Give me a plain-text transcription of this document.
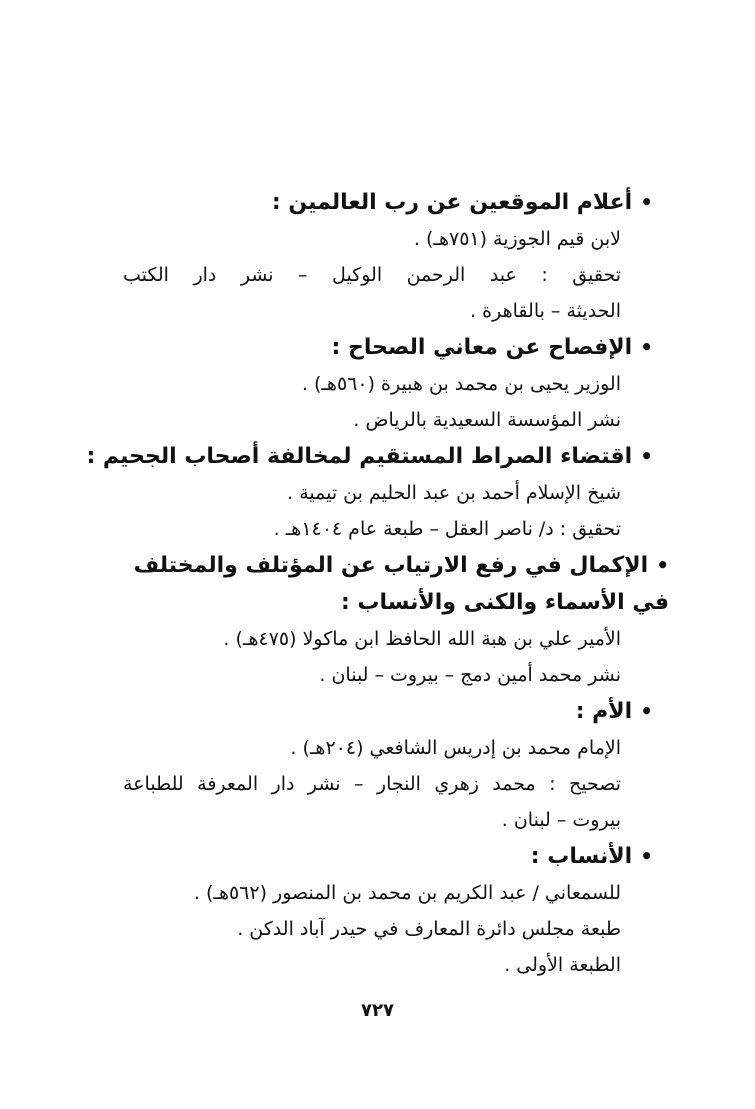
•أعلام الموقعين عن رب العالمين :

لابن قيم الجوزية (٧٥١هـ) .

تحقيق : عبد الرحمن الوكيل – نشر دار الكتب

الحديثة – بالقاهرة .

•الإفصاح عن معاني الصحاح :

الوزير يحيى بن محمد بن هبيرة (٥٦٠هـ) .

نشر المؤسسة السعيدية بالرياض .

•اقتضاء الصراط المستقيم لمخالفة أصحاب الجحيم :

شيخ الإسلام أحمد بن عبد الحليم بن تيمية .

تحقيق : د/ ناصر العقل – طبعة عام ١٤٠٤هـ .

•الإكمال في رفع الارتياب عن المؤتلف والمختلف في الأسماء والكنى والأنساب :

الأمير علي بن هبة الله الحافظ ابن ماكولا (٤٧٥هـ) .

نشر محمد أمين دمج – بيروت – لبنان .

•الأم :

الإمام محمد بن إدريس الشافعي (٢٠٤هـ) .

تصحيح : محمد زهري النجار – نشر دار المعرفة للطباعة

بيروت – لبنان .

•الأنساب :

للسمعاني / عبد الكريم بن محمد بن المنصور (٥٦٢هـ) .

طبعة مجلس دائرة المعارف في حيدر آباد الدكن .

الطبعة الأولى .

٧٢٧
